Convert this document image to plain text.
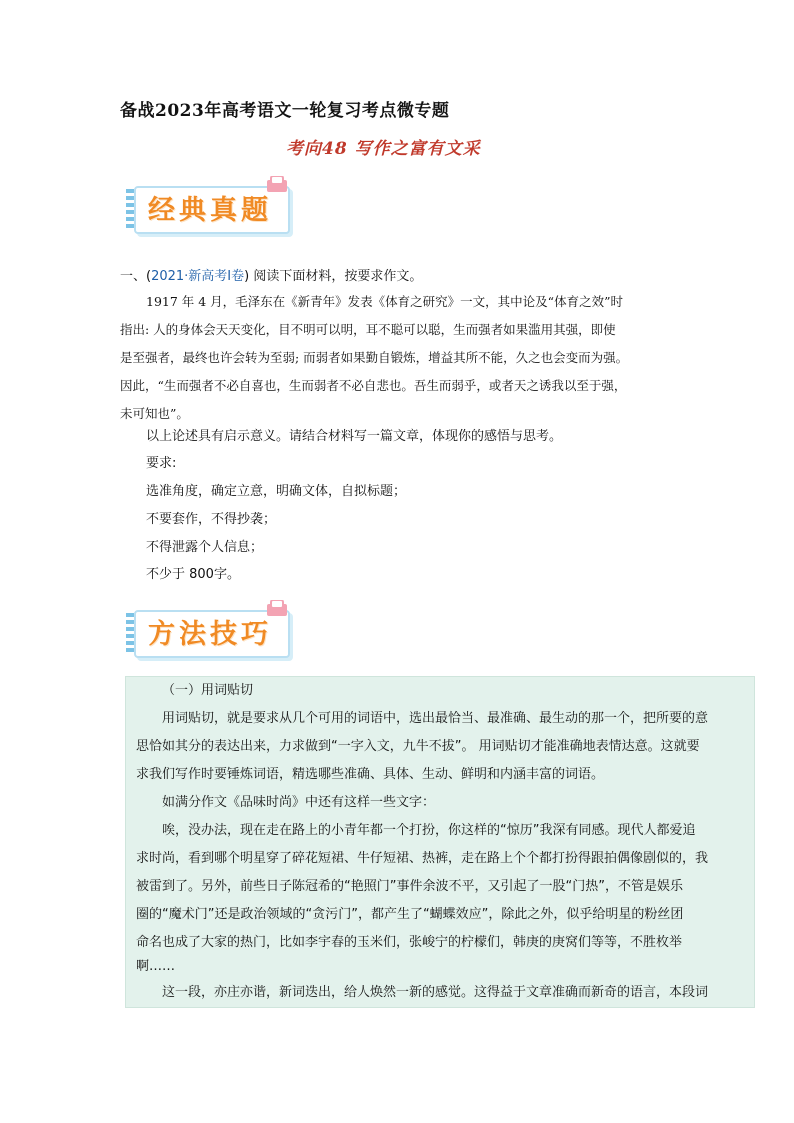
备战2023年高考语文一轮复习考点微专题
考向48 写作之富有文采
经典真题
一、(2021·新高考Ⅰ卷) 阅读下面材料，按要求作文。
1917 年 4 月，毛泽东在《新青年》发表《体育之研究》一文，其中论及“体育之效”时
指出: 人的身体会天天变化，目不明可以明，耳不聪可以聪，生而强者如果滥用其强，即使
是至强者，最终也许会转为至弱; 而弱者如果勤自锻炼，增益其所不能，久之也会变而为强。
因此，“生而强者不必自喜也，生而弱者不必自悲也。吾生而弱乎，或者天之诱我以至于强，
未可知也”。
以上论述具有启示意义。请结合材料写一篇文章，体现你的感悟与思考。
要求:
选准角度，确定立意，明确文体，自拟标题；
不要套作，不得抄袭；
不得泄露个人信息；
不少于 800字。
方法技巧
（一）用词贴切
用词贴切，就是要求从几个可用的词语中，选出最恰当、最准确、最生动的那一个，把所要的意
思恰如其分的表达出来，力求做到“一字入文，九牛不拔”。 用词贴切才能准确地表情达意。这就要
求我们写作时要锤炼词语，精选哪些准确、具体、生动、鲜明和内涵丰富的词语。
如满分作文《品味时尚》中还有这样一些文字：
唉，没办法，现在走在路上的小青年都一个打扮，你这样的“惊历”我深有同感。现代人都爱追
求时尚，看到哪个明星穿了碎花短裙、牛仔短裙、热裤，走在路上个个都打扮得跟拍偶像剧似的，我
被雷到了。另外，前些日子陈冠希的“艳照门”事件余波不平，又引起了一股“门热”，不管是娱乐
圈的“魔术门”还是政治领域的“贪污门”，都产生了“蝴蝶效应”，除此之外，似乎给明星的粉丝团
命名也成了大家的热门，比如李宇春的玉米们，张峻宁的柠檬们，韩庚的庚窝们等等，不胜枚举
啊……
这一段，亦庄亦谐，新词迭出，给人焕然一新的感觉。这得益于文章准确而新奇的语言，本段词
